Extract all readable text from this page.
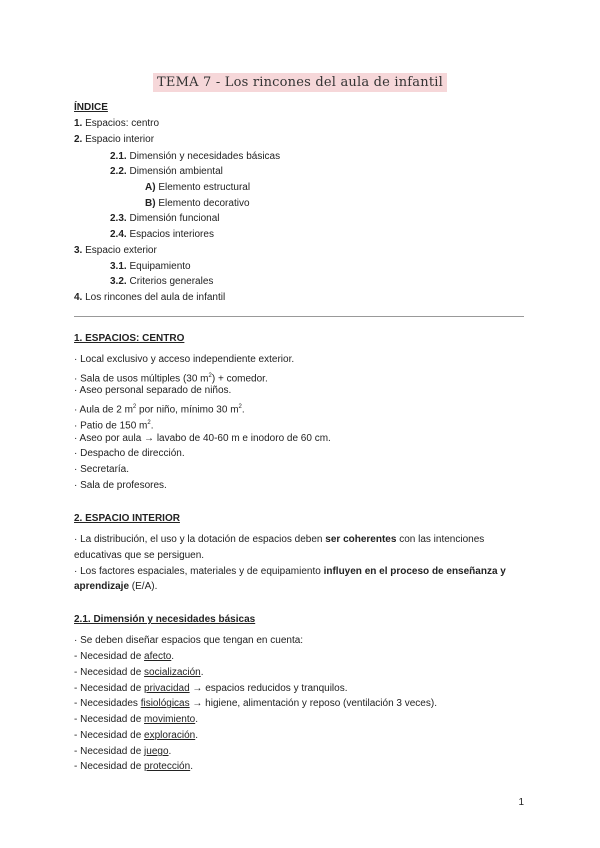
TEMA 7 - Los rincones del aula de infantil
ÍNDICE
1. Espacios: centro
2. Espacio interior
2.1. Dimensión y necesidades básicas
2.2. Dimensión ambiental
A) Elemento estructural
B) Elemento decorativo
2.3. Dimensión funcional
2.4. Espacios interiores
3. Espacio exterior
3.1. Equipamiento
3.2. Criterios generales
4. Los rincones del aula de infantil
1. ESPACIOS: CENTRO
· Local exclusivo y acceso independiente exterior.
· Sala de usos múltiples (30 $m^2$) + comedor.
· Aseo personal separado de niños.
· Aula de 2 $m^2$ por niño, mínimo 30 $m^2$.
· Patio de 150 $m^2$.
· Aseo por aula → lavabo de 40-60 m e inodoro de 60 cm.
· Despacho de dirección.
· Secretaría.
· Sala de profesores.
2. ESPACIO INTERIOR
· La distribución, el uso y la dotación de espacios deben ser coherentes con las intenciones
educativas que se persiguen.
· Los factores espaciales, materiales y de equipamiento influyen en el proceso de enseñanza y
aprendizaje (E/A).
2.1. Dimensión y necesidades básicas
· Se deben diseñar espacios que tengan en cuenta:
- Necesidad de afecto.
- Necesidad de socialización.
- Necesidad de privacidad → espacios reducidos y tranquilos.
- Necesidades fisiológicas → higiene, alimentación y reposo (ventilación 3 veces).
- Necesidad de movimiento.
- Necesidad de exploración.
- Necesidad de juego.
- Necesidad de protección.
1
